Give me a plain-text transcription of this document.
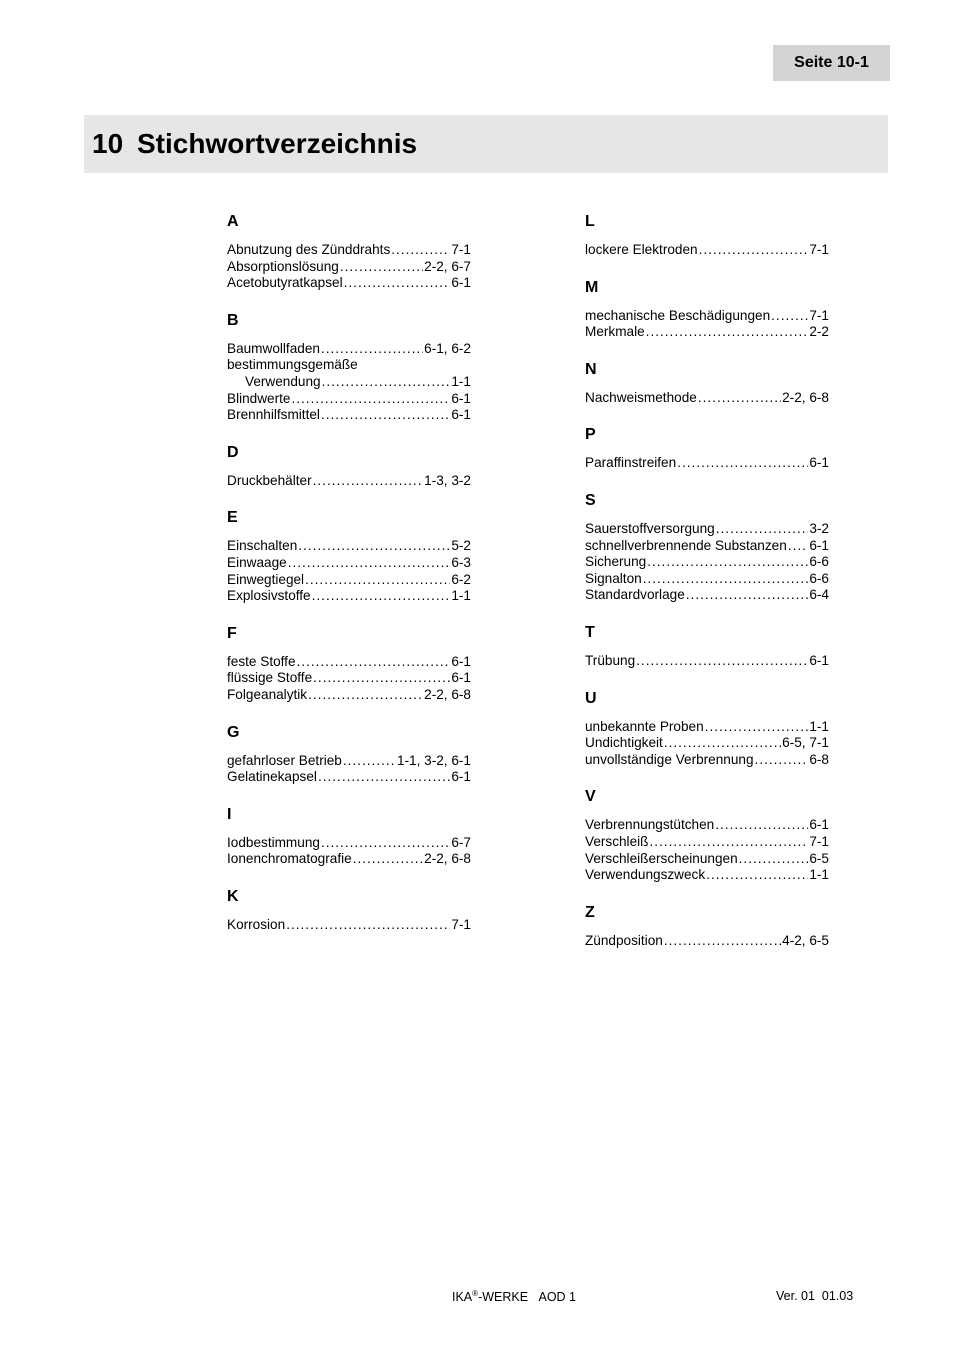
Seite 10-1
10 Stichwortverzeichnis
A
Abnutzung des Zünddrahts .....	7-1
Absorptionslösung .....	2-2, 6-7
Acetobutyratkapsel .....	6-1
B
Baumwollfaden .....	6-1, 6-2
bestimmungsgemäße
Verwendung .....	1-1
Blindwerte .....	6-1
Brennhilfsmittel .....	6-1
D
Druckbehälter .....	1-3, 3-2
E
Einschalten .....	5-2
Einwaage .....	6-3
Einwegtiegel .....	6-2
Explosivstoffe .....	1-1
F
feste Stoffe .....	6-1
flüssige Stoffe .....	6-1
Folgeanalytik .....	2-2, 6-8
G
gefahrloser Betrieb .....	1-1, 3-2, 6-1
Gelatinekapsel .....	6-1
I
Iodbestimmung .....	6-7
Ionenchromatografie .....	2-2, 6-8
K
Korrosion .....	7-1
L
lockere Elektroden .....	7-1
M
mechanische Beschädigungen .....	7-1
Merkmale .....	2-2
N
Nachweismethode .....	2-2, 6-8
P
Paraffinstreifen .....	6-1
S
Sauerstoffversorgung .....	3-2
schnellverbrennende Substanzen ..... 6-1
Sicherung .....	6-6
Signalton .....	6-6
Standardvorlage .....	6-4
T
Trübung .....	6-1
U
unbekannte Proben .....	1-1
Undichtigkeit .....	6-5, 7-1
unvollständige Verbrennung .....	6-8
V
Verbrennungstütchen .....	6-1
Verschleiß .....	7-1
Verschleißerscheinungen .....	6-5
Verwendungszweck .....	1-1
Z
Zündposition .....	4-2, 6-5
IKA®-WERKE AOD 1	Ver. 01  01.03
